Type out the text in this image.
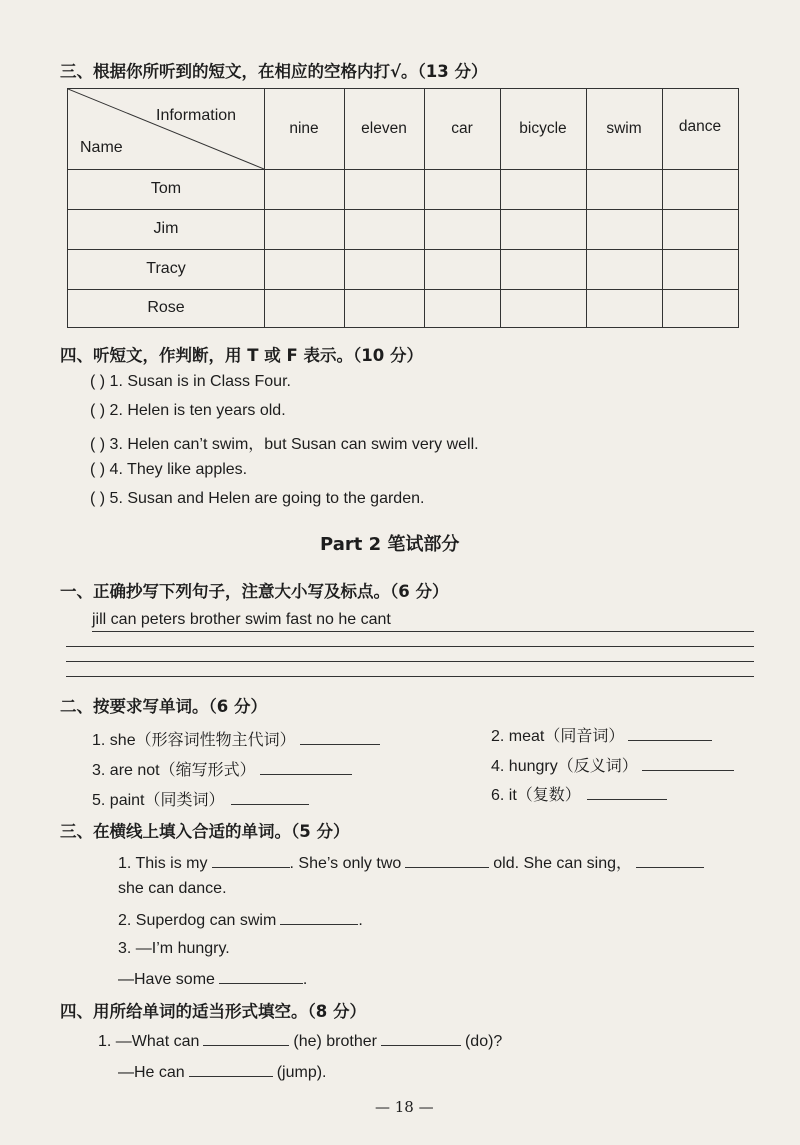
三、根据你所听到的短文，在相应的空格内打√。（13 分）
Information
Name
nine	eleven	car	bicycle	swim	dance
Tom
Jim
Tracy
Rose
四、听短文，作判断，用 T 或 F 表示。（10 分）
( ) 1. Susan is in Class Four.
( ) 2. Helen is ten years old.
( ) 3. Helen can’t swim，but Susan can swim very well.
( ) 4. They like apples.
( ) 5. Susan and Helen are going to the garden.
Part 2 笔试部分
一、正确抄写下列句子，注意大小写及标点。（6 分）
jill can peters brother swim fast no he cant
二、按要求写单词。（6 分）
1. she（形容词性物主代词）	2. meat（同音词）
3. are not（缩写形式）	4. hungry（反义词）
5. paint（同类词）	6. it（复数）
三、在横线上填入合适的单词。（5 分）
1. This is my	. She’s only two	old. She can sing，
she can dance.
2. Superdog can swim	.
3. —I’m hungry.
—Have some	.
四、用所给单词的适当形式填空。（8 分）
1. —What can	(he) brother	(do)?
—He can	(jump).
— 18 —
